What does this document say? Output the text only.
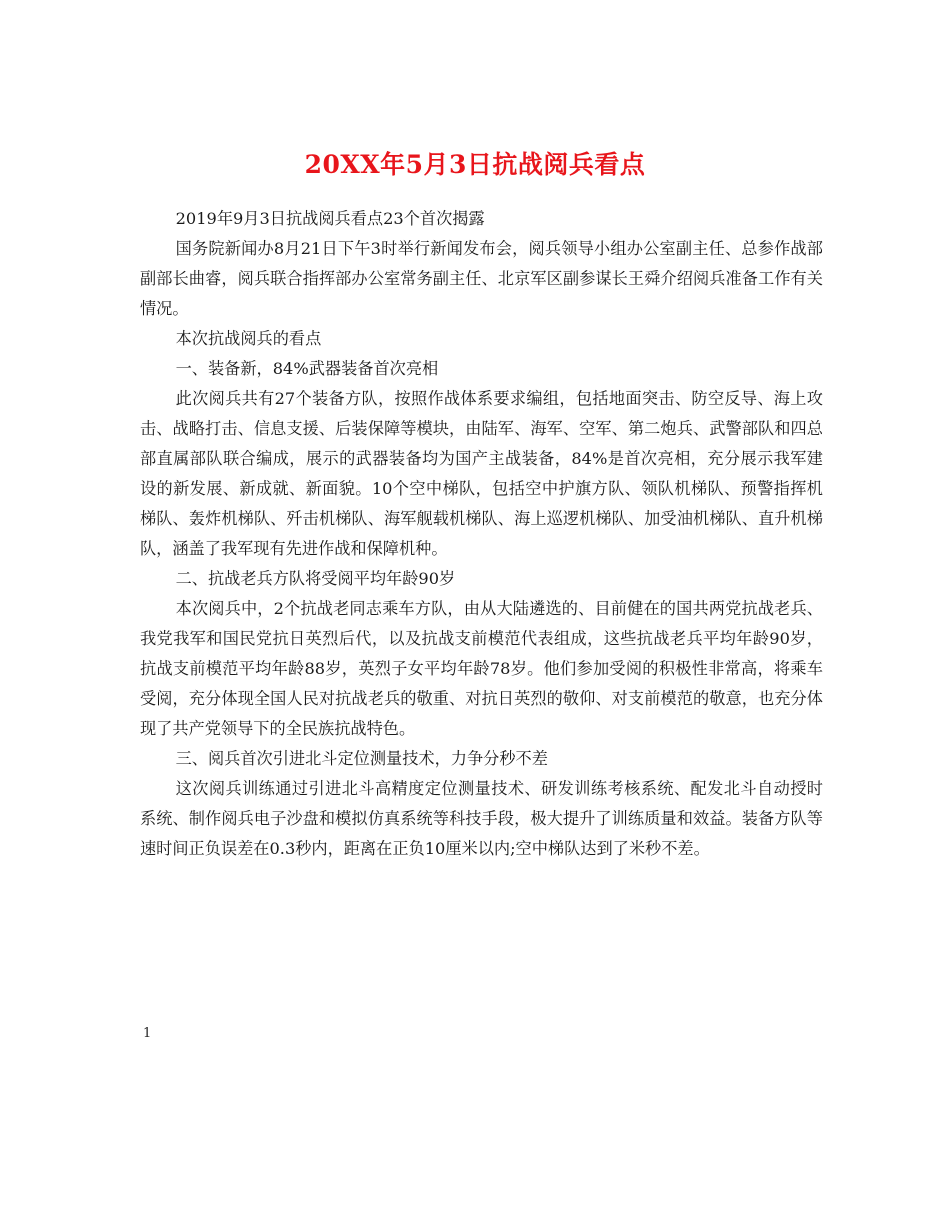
20XX年5月3日抗战阅兵看点

2019年9月3日抗战阅兵看点23个首次揭露

国务院新闻办8月21日下午3时举行新闻发布会，阅兵领导小组办公室副主任、总参作战部副部长曲睿，阅兵联合指挥部办公室常务副主任、北京军区副参谋长王舜介绍阅兵准备工作有关情况。

本次抗战阅兵的看点

一、装备新，84%武器装备首次亮相

此次阅兵共有27个装备方队，按照作战体系要求编组，包括地面突击、防空反导、海上攻击、战略打击、信息支援、后装保障等模块，由陆军、海军、空军、第二炮兵、武警部队和四总部直属部队联合编成，展示的武器装备均为国产主战装备，84%是首次亮相，充分展示我军建设的新发展、新成就、新面貌。10个空中梯队，包括空中护旗方队、领队机梯队、预警指挥机梯队、轰炸机梯队、歼击机梯队、海军舰载机梯队、海上巡逻机梯队、加受油机梯队、直升机梯队，涵盖了我军现有先进作战和保障机种。

二、抗战老兵方队将受阅平均年龄90岁

本次阅兵中，2个抗战老同志乘车方队，由从大陆遴选的、目前健在的国共两党抗战老兵、我党我军和国民党抗日英烈后代，以及抗战支前模范代表组成，这些抗战老兵平均年龄90岁，抗战支前模范平均年龄88岁，英烈子女平均年龄78岁。他们参加受阅的积极性非常高，将乘车受阅，充分体现全国人民对抗战老兵的敬重、对抗日英烈的敬仰、对支前模范的敬意，也充分体现了共产党领导下的全民族抗战特色。

三、阅兵首次引进北斗定位测量技术，力争分秒不差

这次阅兵训练通过引进北斗高精度定位测量技术、研发训练考核系统、配发北斗自动授时系统、制作阅兵电子沙盘和模拟仿真系统等科技手段，极大提升了训练质量和效益。装备方队等速时间正负误差在0.3秒内，距离在正负10厘米以内;空中梯队达到了米秒不差。

1
